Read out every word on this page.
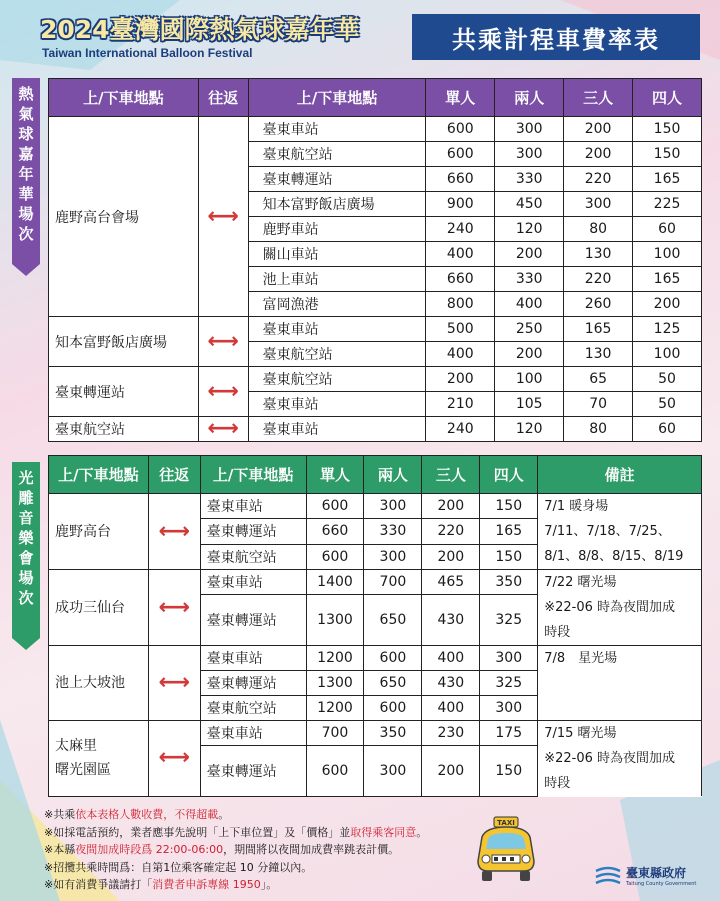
2024臺灣國際熱氣球嘉年華
Taiwan International Balloon Festival	共乘計程車費率表
熱
氣
球
嘉
年
華
場
次
光
雕
音
樂
會
場
次
上/下車地點	往返	上/下車地點	單人	兩人	三人	四人
鹿野高台會場	⟷	臺東車站	600	300	200	150
		臺東航空站	600	300	200	150
		臺東轉運站	660	330	220	165
		知本富野飯店廣場	900	450	300	225
		鹿野車站	240	120	80	60
		關山車站	400	200	130	100
		池上車站	660	330	220	165
		富岡漁港	800	400	260	200
知本富野飯店廣場	⟷	臺東車站	500	250	165	125
		臺東航空站	400	200	130	100
臺東轉運站	⟷	臺東航空站	200	100	65	50
		臺東車站	210	105	70	50
臺東航空站	⟷	臺東車站	240	120	80	60
上/下車地點	往返	上/下車地點	單人	兩人	三人	四人	備註
鹿野高台	⟷	臺東車站	600	300	200	150	7/1 暖身場
7/11、7/18、7/25、
8/1、8/8、8/15、8/19
		臺東轉運站	660	330	220	165	
		臺東航空站	600	300	200	150	
成功三仙台	⟷	臺東車站	1400	700	465	350	7/22 曙光場
※22-06 時為夜間加成
時段
		臺東轉運站	1300	650	430	325	
池上大坡池	⟷	臺東車站	1200	600	400	300	7/8　星光場
		臺東轉運站	1300	650	430	325	
		臺東航空站	1200	600	400	300	
太麻里
曙光園區	⟷	臺東車站	700	350	230	175	7/15 曙光場
※22-06 時為夜間加成
時段
		臺東轉運站	600	300	200	150	
※共乘依本表格人數收費，不得超載。
※如採電話預約，業者應事先說明「上下車位置」及「價格」並取得乘客同意。
※本縣夜間加成時段爲 22:00-06:00，期間將以夜間加成費率跳表計價。
※招攬共乘時間爲：自第1位乘客確定起 10 分鐘以內。
※如有消費爭議請打「消費者申訴專線 1950」。
TAXI
臺東縣政府
Taitung County Government
